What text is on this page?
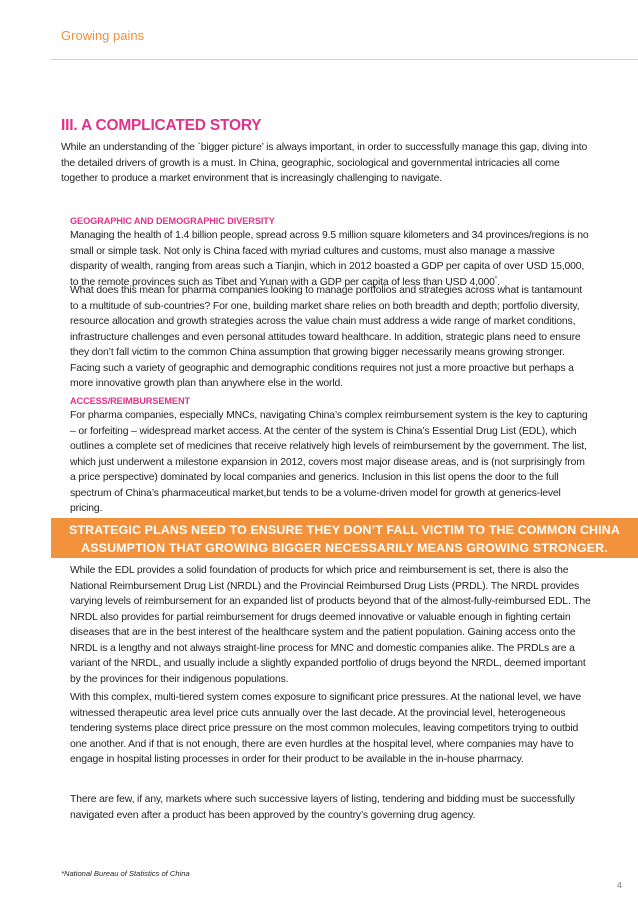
Growing pains
III. A COMPLICATED STORY

While an understanding of the `bigger picture’ is always important, in order to successfully manage this gap, diving into the detailed drivers of growth is a must. In China, geographic, sociological and governmental intricacies all come together to produce a market environment that is increasingly challenging to navigate.

GEOGRAPHIC AND DEMOGRAPHIC DIVERSITY

Managing the health of 1.4 billion people, spread across 9.5 million square kilometers and 34 provinces/regions is no small or simple task. Not only is China faced with myriad cultures and customs, must also manage a massive disparity of wealth, ranging from areas such a Tianjin, which in 2012 boasted a GDP per capita of over USD 15,000, to the remote provinces such as Tibet and Yunan with a GDP per capita of less than USD 4,000*.

What does this mean for pharma companies looking to manage portfolios and strategies across what is tantamount to a multitude of sub-countries? For one, building market share relies on both breadth and depth; portfolio diversity, resource allocation and growth strategies across the value chain must address a wide range of market conditions, infrastructure challenges and even personal attitudes toward healthcare. In addition, strategic plans need to ensure they don’t fall victim to the common China assumption that growing bigger necessarily means growing stronger. Facing such a variety of geographic and demographic conditions requires not just a more proactive but perhaps a more innovative growth plan than anywhere else in the world.

ACCESS/REIMBURSEMENT

For pharma companies, especially MNCs, navigating China’s complex reimbursement system is the key to capturing – or forfeiting – widespread market access. At the center of the system is China’s Essential Drug List (EDL), which outlines a complete set of medicines that receive relatively high levels of reimbursement by the government. The list, which just underwent a milestone expansion in 2012, covers most major disease areas, and is (not surprisingly from a price perspective) dominated by local companies and generics. Inclusion in this list opens the door to the full spectrum of China’s pharmaceutical market,but tends to be a volume-driven model for growth at generics-level pricing.

STRATEGIC PLANS NEED TO ENSURE THEY DON’T FALL VICTIM TO THE COMMON CHINA
ASSUMPTION THAT GROWING BIGGER NECESSARILY MEANS GROWING STRONGER.

While the EDL provides a solid foundation of products for which price and reimbursement is set, there is also the National Reimbursement Drug List (NRDL) and the Provincial Reimbursed Drug Lists (PRDL). The NRDL provides varying levels of reimbursement for an expanded list of products beyond that of the almost-fully-reimbursed EDL. The NRDL also provides for partial reimbursement for drugs deemed innovative or valuable enough in fighting certain diseases that are in the best interest of the healthcare system and the patient population. Gaining access onto the NRDL is a lengthy and not always straight-line process for MNC and domestic companies alike. The PRDLs are a variant of the NRDL, and usually include a slightly expanded portfolio of drugs beyond the NRDL, deemed important by the provinces for their indigenous populations.

With this complex, multi-tiered system comes exposure to significant price pressures. At the national level, we have witnessed therapeutic area level price cuts annually over the last decade. At the provincial level, heterogeneous tendering systems place direct price pressure on the most common molecules, leaving competitors trying to outbid one another. And if that is not enough, there are even hurdles at the hospital level, where companies may have to engage in hospital listing processes in order for their product to be available in the in-house pharmacy.

There are few, if any, markets where such successive layers of listing, tendering and bidding must be successfully navigated even after a product has been approved by the country’s governing drug agency.

*National Bureau of Statistics of China
4
